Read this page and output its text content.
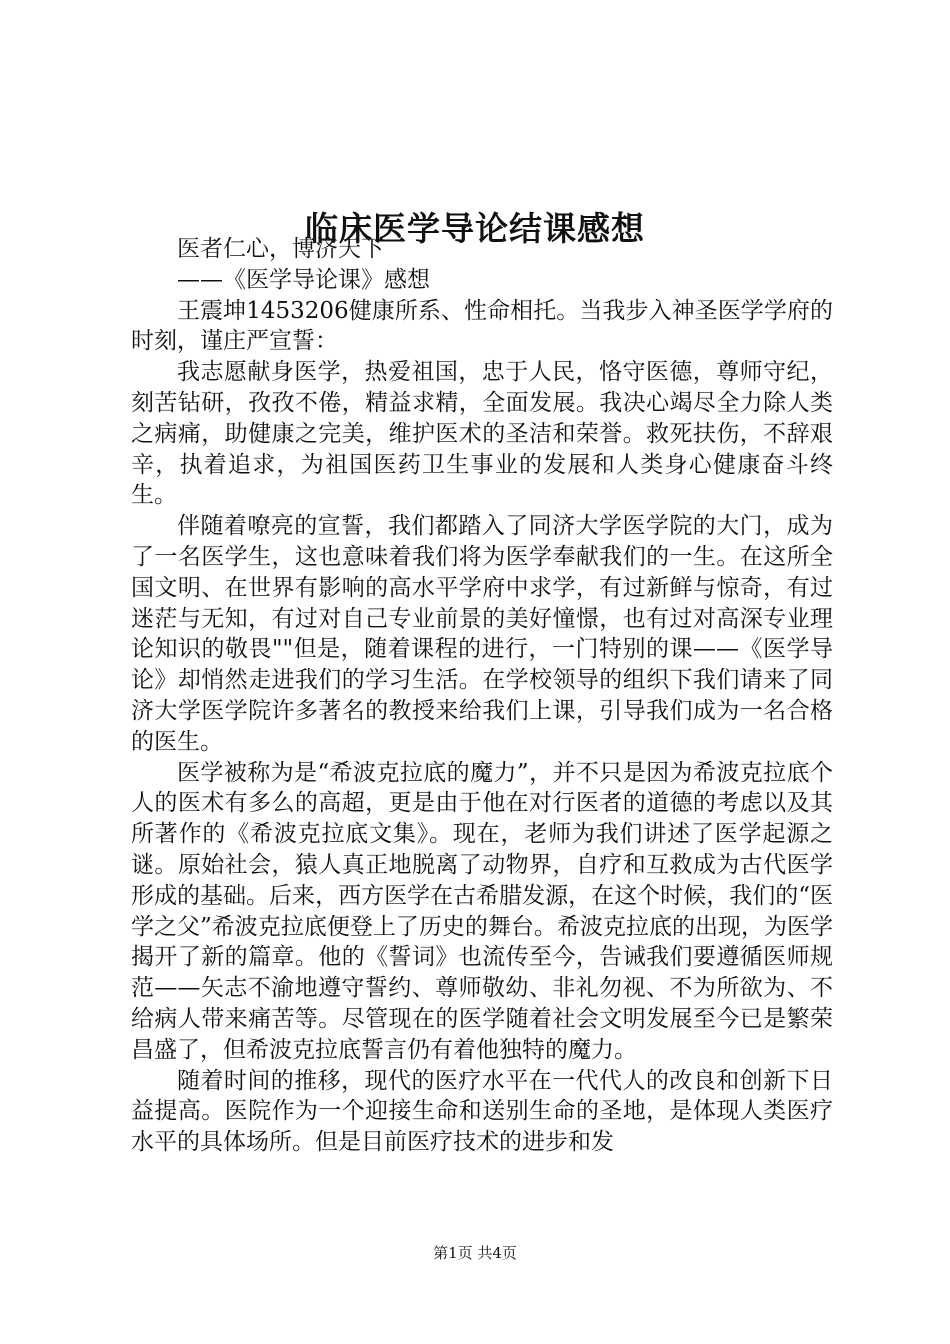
临床医学导论结课感想

医者仁心，博济天下

——《医学导论课》感想

王震坤1453206健康所系、性命相托。当我步入神圣医学学府的时刻，谨庄严宣誓：

我志愿献身医学，热爱祖国，忠于人民，恪守医德，尊师守纪，刻苦钻研，孜孜不倦，精益求精，全面发展。我决心竭尽全力除人类之病痛，助健康之完美，维护医术的圣洁和荣誉。救死扶伤，不辞艰辛，执着追求，为祖国医药卫生事业的发展和人类身心健康奋斗终生。

伴随着嘹亮的宣誓，我们都踏入了同济大学医学院的大门，成为了一名医学生，这也意味着我们将为医学奉献我们的一生。在这所全国文明、在世界有影响的高水平学府中求学，有过新鲜与惊奇，有过迷茫与无知，有过对自己专业前景的美好憧憬，也有过对高深专业理论知识的敬畏""但是，随着课程的进行，一门特别的课——《医学导论》却悄然走进我们的学习生活。在学校领导的组织下我们请来了同济大学医学院许多著名的教授来给我们上课，引导我们成为一名合格的医生。

医学被称为是“希波克拉底的魔力”，并不只是因为希波克拉底个人的医术有多么的高超，更是由于他在对行医者的道德的考虑以及其所著作的《希波克拉底文集》。现在，老师为我们讲述了医学起源之谜。原始社会，猿人真正地脱离了动物界，自疗和互救成为古代医学形成的基础。后来，西方医学在古希腊发源，在这个时候，我们的“医学之父”希波克拉底便登上了历史的舞台。希波克拉底的出现，为医学揭开了新的篇章。他的《誓词》也流传至今，告诫我们要遵循医师规范——矢志不渝地遵守誓约、尊师敬幼、非礼勿视、不为所欲为、不给病人带来痛苦等。尽管现在的医学随着社会文明发展至今已是繁荣昌盛了，但希波克拉底誓言仍有着他独特的魔力。

随着时间的推移，现代的医疗水平在一代代人的改良和创新下日益提高。医院作为一个迎接生命和送别生命的圣地，是体现人类医疗水平的具体场所。但是目前医疗技术的进步和发

第1页 共4页
